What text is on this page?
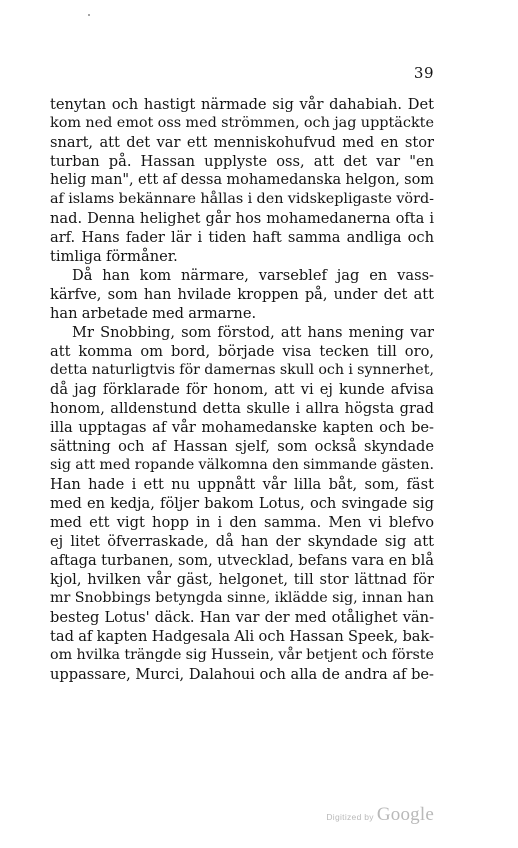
39
tenytan och hastigt närmade sig vår dahabiah. Det
kom ned emot oss med strömmen, och jag upptäckte
snart, att det var ett menniskohufvud med en stor
turban på. Hassan upplyste oss, att det var "en
helig man", ett af dessa mohamedanska helgon, som
af islams bekännare hållas i den vidskepligaste vörd-
nad. Denna helighet går hos mohamedanerna ofta i
arf. Hans fader lär i tiden haft samma andliga och
timliga förmåner.
Då han kom närmare, varseblef jag en vass-
kärfve, som han hvilade kroppen på, under det att
han arbetade med armarne.
Mr Snobbing, som förstod, att hans mening var
att komma om bord, började visa tecken till oro,
detta naturligtvis för damernas skull och i synnerhet,
då jag förklarade för honom, att vi ej kunde afvisa
honom, alldenstund detta skulle i allra högsta grad
illa upptagas af vår mohamedanske kapten och be-
sättning och af Hassan sjelf, som också skyndade
sig att med ropande välkomna den simmande gästen.
Han hade i ett nu uppnått vår lilla båt, som, fäst
med en kedja, följer bakom Lotus, och svingade sig
med ett vigt hopp in i den samma. Men vi blefvo
ej litet öfverraskade, då han der skyndade sig att
aftaga turbanen, som, utvecklad, befans vara en blå
kjol, hvilken vår gäst, helgonet, till stor lättnad för
mr Snobbings betyngda sinne, iklädde sig, innan han
besteg Lotus' däck. Han var der med otålighet vän-
tad af kapten Hadgesala Ali och Hassan Speek, bak-
om hvilka trängde sig Hussein, vår betjent och förste
uppassare, Murci, Dalahoui och alla de andra af be-
Digitized by Google
